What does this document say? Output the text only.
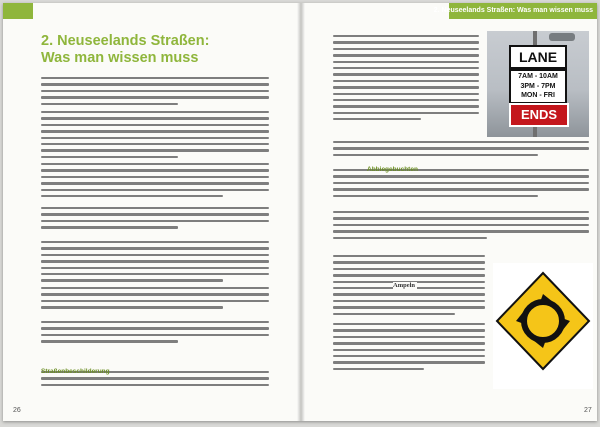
2. Neuseelands Straßen:
Was man wissen muss
Straßenbeschilderung
26
2. Neuseelands Straßen: Was man wissen muss
LANE
7AM - 10AM
3PM - 7PM
MON - FRI
ENDS
Abbiegebuchten
Ampeln
27
